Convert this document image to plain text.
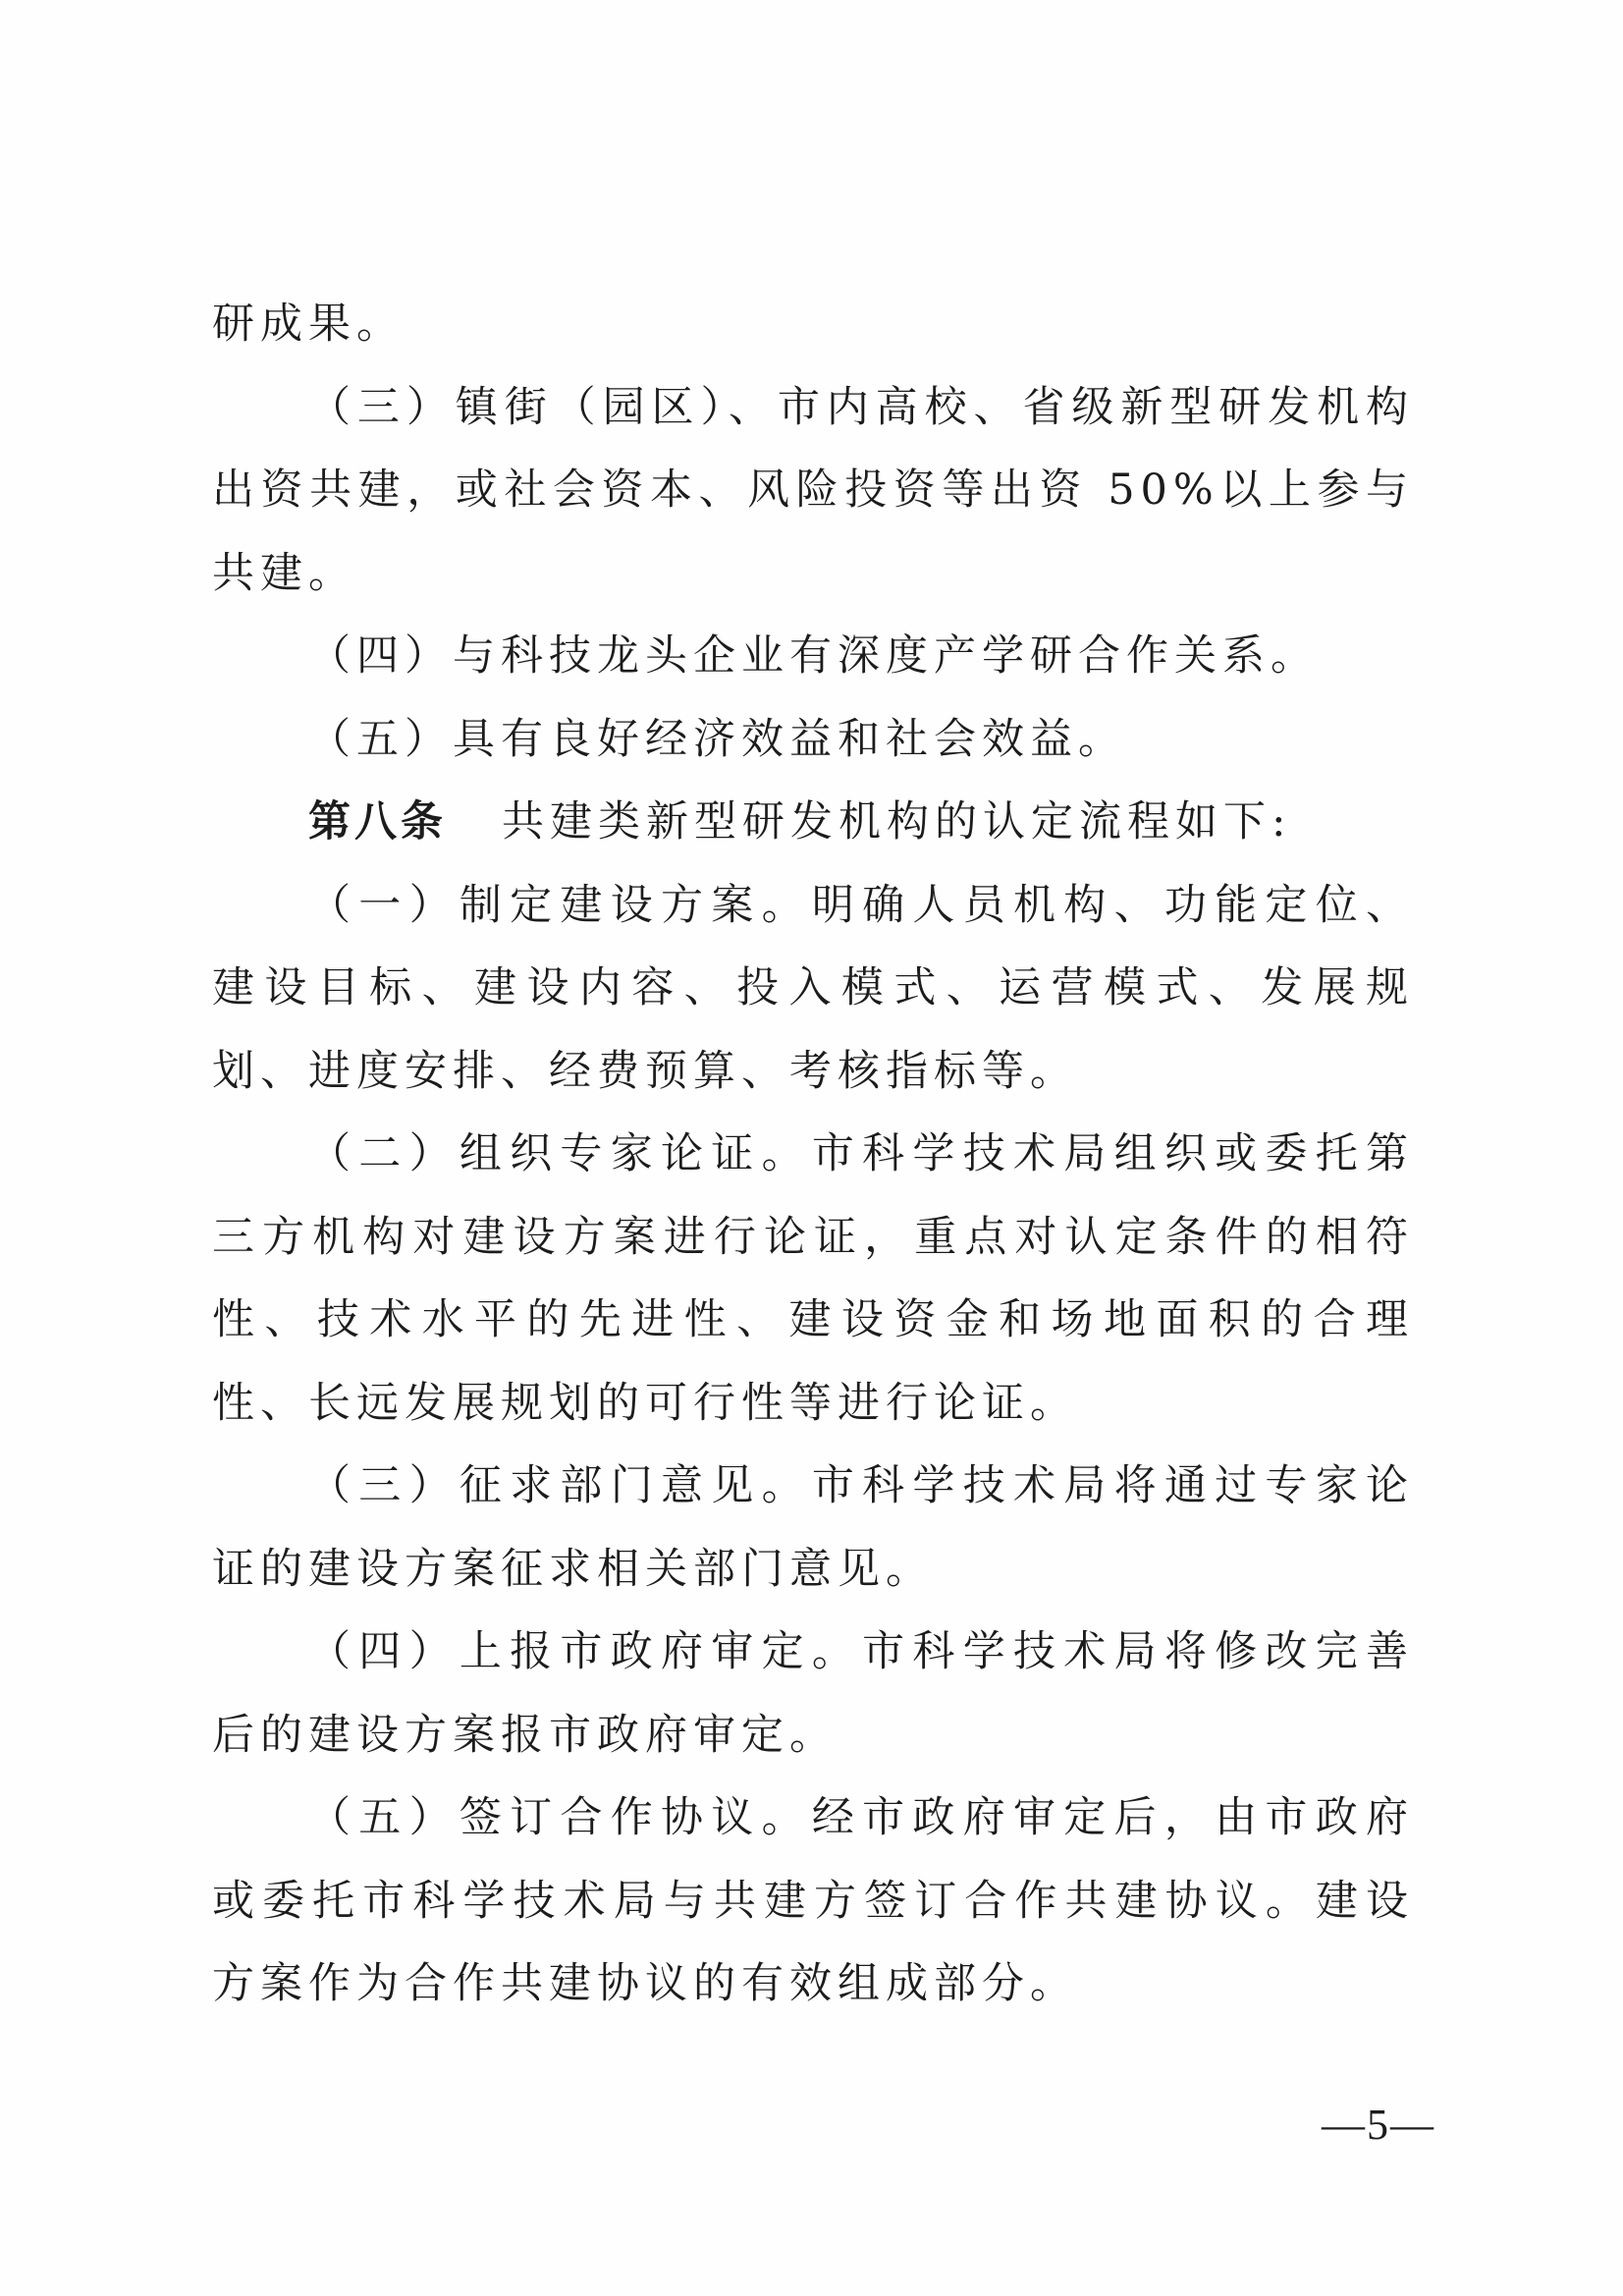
研成果。

（三）镇街（园区）、市内高校、省级新型研发机构出资共建，或社会资本、风险投资等出资 50%以上参与共建。

（四）与科技龙头企业有深度产学研合作关系。

（五）具有良好经济效益和社会效益。

第八条 共建类新型研发机构的认定流程如下:

（一）制定建设方案。明确人员机构、功能定位、建设目标、建设内容、投入模式、运营模式、发展规划、进度安排、经费预算、考核指标等。

（二）组织专家论证。市科学技术局组织或委托第三方机构对建设方案进行论证，重点对认定条件的相符性、技术水平的先进性、建设资金和场地面积的合理性、长远发展规划的可行性等进行论证。

（三）征求部门意见。市科学技术局将通过专家论证的建设方案征求相关部门意见。

（四）上报市政府审定。市科学技术局将修改完善后的建设方案报市政府审定。

（五）签订合作协议。经市政府审定后，由市政府或委托市科学技术局与共建方签订合作共建协议。建设方案作为合作共建协议的有效组成部分。

—5—
